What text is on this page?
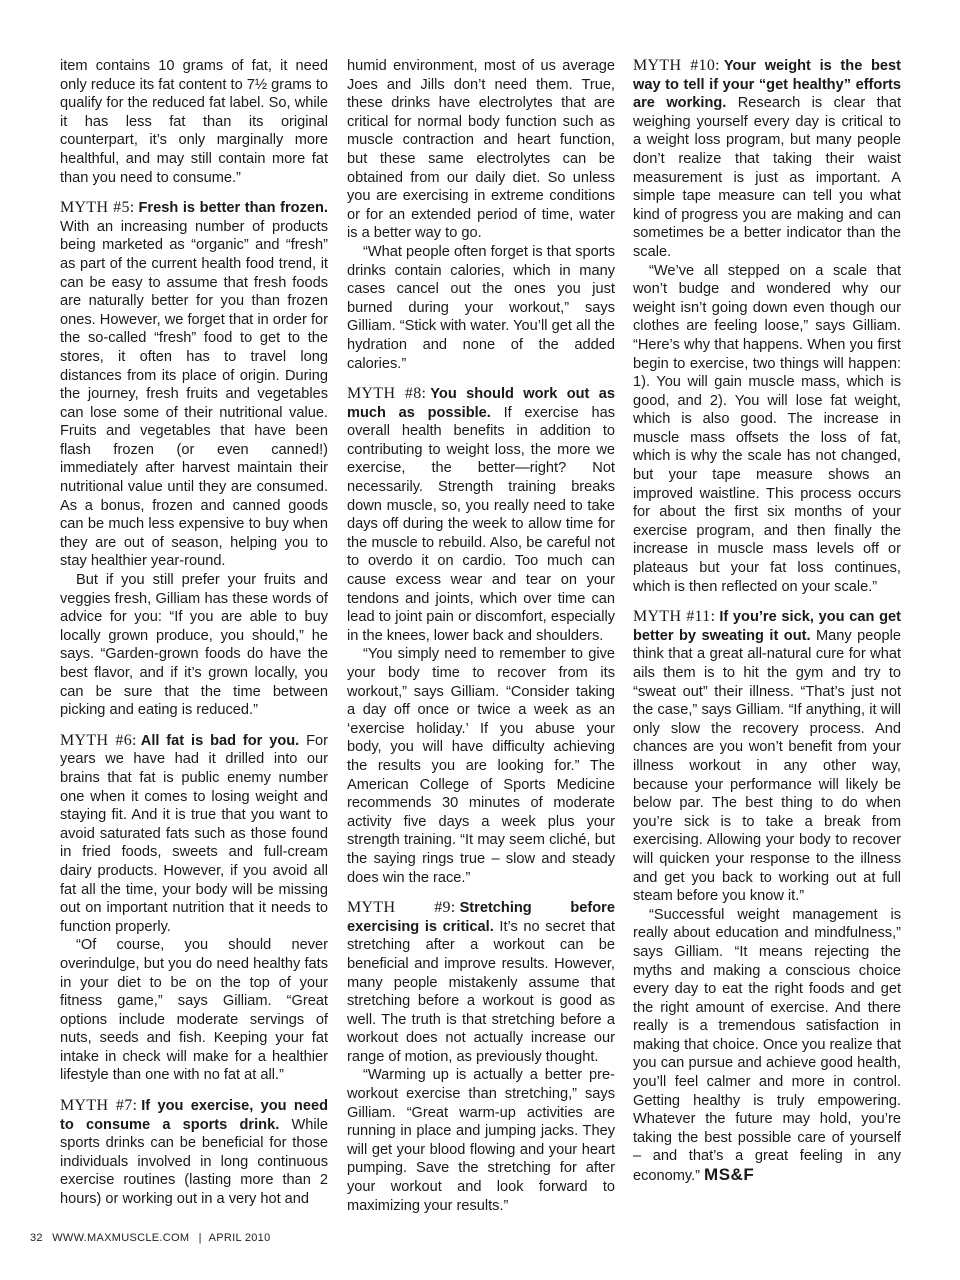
item contains 10 grams of fat, it need only reduce its fat content to 7½ grams to qualify for the reduced fat label. So, while it has less fat than its original counterpart, it’s only marginally more healthful, and may still contain more fat than you need to consume.”

MYTH #5: Fresh is better than frozen. With an increasing number of products being marketed as “organic” and “fresh” as part of the current health food trend, it can be easy to assume that fresh foods are naturally better for you than frozen ones. However, we forget that in order for the so-called “fresh” food to get to the stores, it often has to travel long distances from its place of origin. During the journey, fresh fruits and vegetables can lose some of their nutritional value. Fruits and vegetables that have been flash frozen (or even canned!) immediately after harvest maintain their nutritional value until they are consumed. As a bonus, frozen and canned goods can be much less expensive to buy when they are out of season, helping you to stay healthier year-round.

But if you still prefer your fruits and veggies fresh, Gilliam has these words of advice for you: “If you are able to buy locally grown produce, you should,” he says. “Garden-grown foods do have the best flavor, and if it’s grown locally, you can be sure that the time between picking and eating is reduced.”

MYTH #6: All fat is bad for you. For years we have had it drilled into our brains that fat is public enemy number one when it comes to losing weight and staying fit. And it is true that you want to avoid saturated fats such as those found in fried foods, sweets and full-cream dairy products. However, if you avoid all fat all the time, your body will be missing out on important nutrition that it needs to function properly.

“Of course, you should never overindulge, but you do need healthy fats in your diet to be on the top of your fitness game,” says Gilliam. “Great options include moderate servings of nuts, seeds and fish. Keeping your fat intake in check will make for a healthier lifestyle than one with no fat at all.”

MYTH #7: If you exercise, you need to consume a sports drink. While sports drinks can be beneficial for those individuals involved in long continuous exercise routines (lasting more than 2 hours) or working out in a very hot and

humid environment, most of us average Joes and Jills don’t need them. True, these drinks have electrolytes that are critical for normal body function such as muscle contraction and heart function, but these same electrolytes can be obtained from our daily diet. So unless you are exercising in extreme conditions or for an extended period of time, water is a better way to go.

“What people often forget is that sports drinks contain calories, which in many cases cancel out the ones you just burned during your workout,” says Gilliam. “Stick with water. You’ll get all the hydration and none of the added calories.”

MYTH #8: You should work out as much as possible. If exercise has overall health benefits in addition to contributing to weight loss, the more we exercise, the better—right? Not necessarily. Strength training breaks down muscle, so, you really need to take days off during the week to allow time for the muscle to rebuild. Also, be careful not to overdo it on cardio. Too much can cause excess wear and tear on your tendons and joints, which over time can lead to joint pain or discomfort, especially in the knees, lower back and shoulders.

“You simply need to remember to give your body time to recover from its workout,” says Gilliam. “Consider taking a day off once or twice a week as an ‘exercise holiday.’ If you abuse your body, you will have difficulty achieving the results you are looking for.” The American College of Sports Medicine recommends 30 minutes of moderate activity five days a week plus your strength training. “It may seem cliché, but the saying rings true – slow and steady does win the race.”

MYTH #9: Stretching before exercising is critical. It’s no secret that stretching after a workout can be beneficial and improve results. However, many people mistakenly assume that stretching before a workout is good as well. The truth is that stretching before a workout does not actually increase our range of motion, as previously thought.

“Warming up is actually a better pre-workout exercise than stretching,” says Gilliam. “Great warm-up activities are running in place and jumping jacks. They will get your blood flowing and your heart pumping. Save the stretching for after your workout and look forward to maximizing your results.”

MYTH #10: Your weight is the best way to tell if your “get healthy” efforts are working. Research is clear that weighing yourself every day is critical to a weight loss program, but many people don’t realize that taking their waist measurement is just as important. A simple tape measure can tell you what kind of progress you are making and can sometimes be a better indicator than the scale.

“We’ve all stepped on a scale that won’t budge and wondered why our weight isn’t going down even though our clothes are feeling loose,” says Gilliam. “Here’s why that happens. When you first begin to exercise, two things will happen: 1). You will gain muscle mass, which is good, and 2). You will lose fat weight, which is also good. The increase in muscle mass offsets the loss of fat, which is why the scale has not changed, but your tape measure shows an improved waistline. This process occurs for about the first six months of your exercise program, and then finally the increase in muscle mass levels off or plateaus but your fat loss continues, which is then reflected on your scale.”

MYTH #11: If you’re sick, you can get better by sweating it out. Many people think that a great all-natural cure for what ails them is to hit the gym and try to “sweat out” their illness. “That’s just not the case,” says Gilliam. “If anything, it will only slow the recovery process. And chances are you won’t benefit from your illness workout in any other way, because your performance will likely be below par. The best thing to do when you’re sick is to take a break from exercising. Allowing your body to recover will quicken your response to the illness and get you back to working out at full steam before you know it.”

“Successful weight management is really about education and mindfulness,” says Gilliam. “It means rejecting the myths and making a conscious choice every day to eat the right foods and get the right amount of exercise. And there really is a tremendous satisfaction in making that choice. Once you realize that you can pursue and achieve good health, you’ll feel calmer and more in control. Getting healthy is truly empowering. Whatever the future may hold, you’re taking the best possible care of yourself – and that’s a great feeling in any economy.” MS&F

32 WWW.MAXMUSCLE.COM | APRIL 2010
